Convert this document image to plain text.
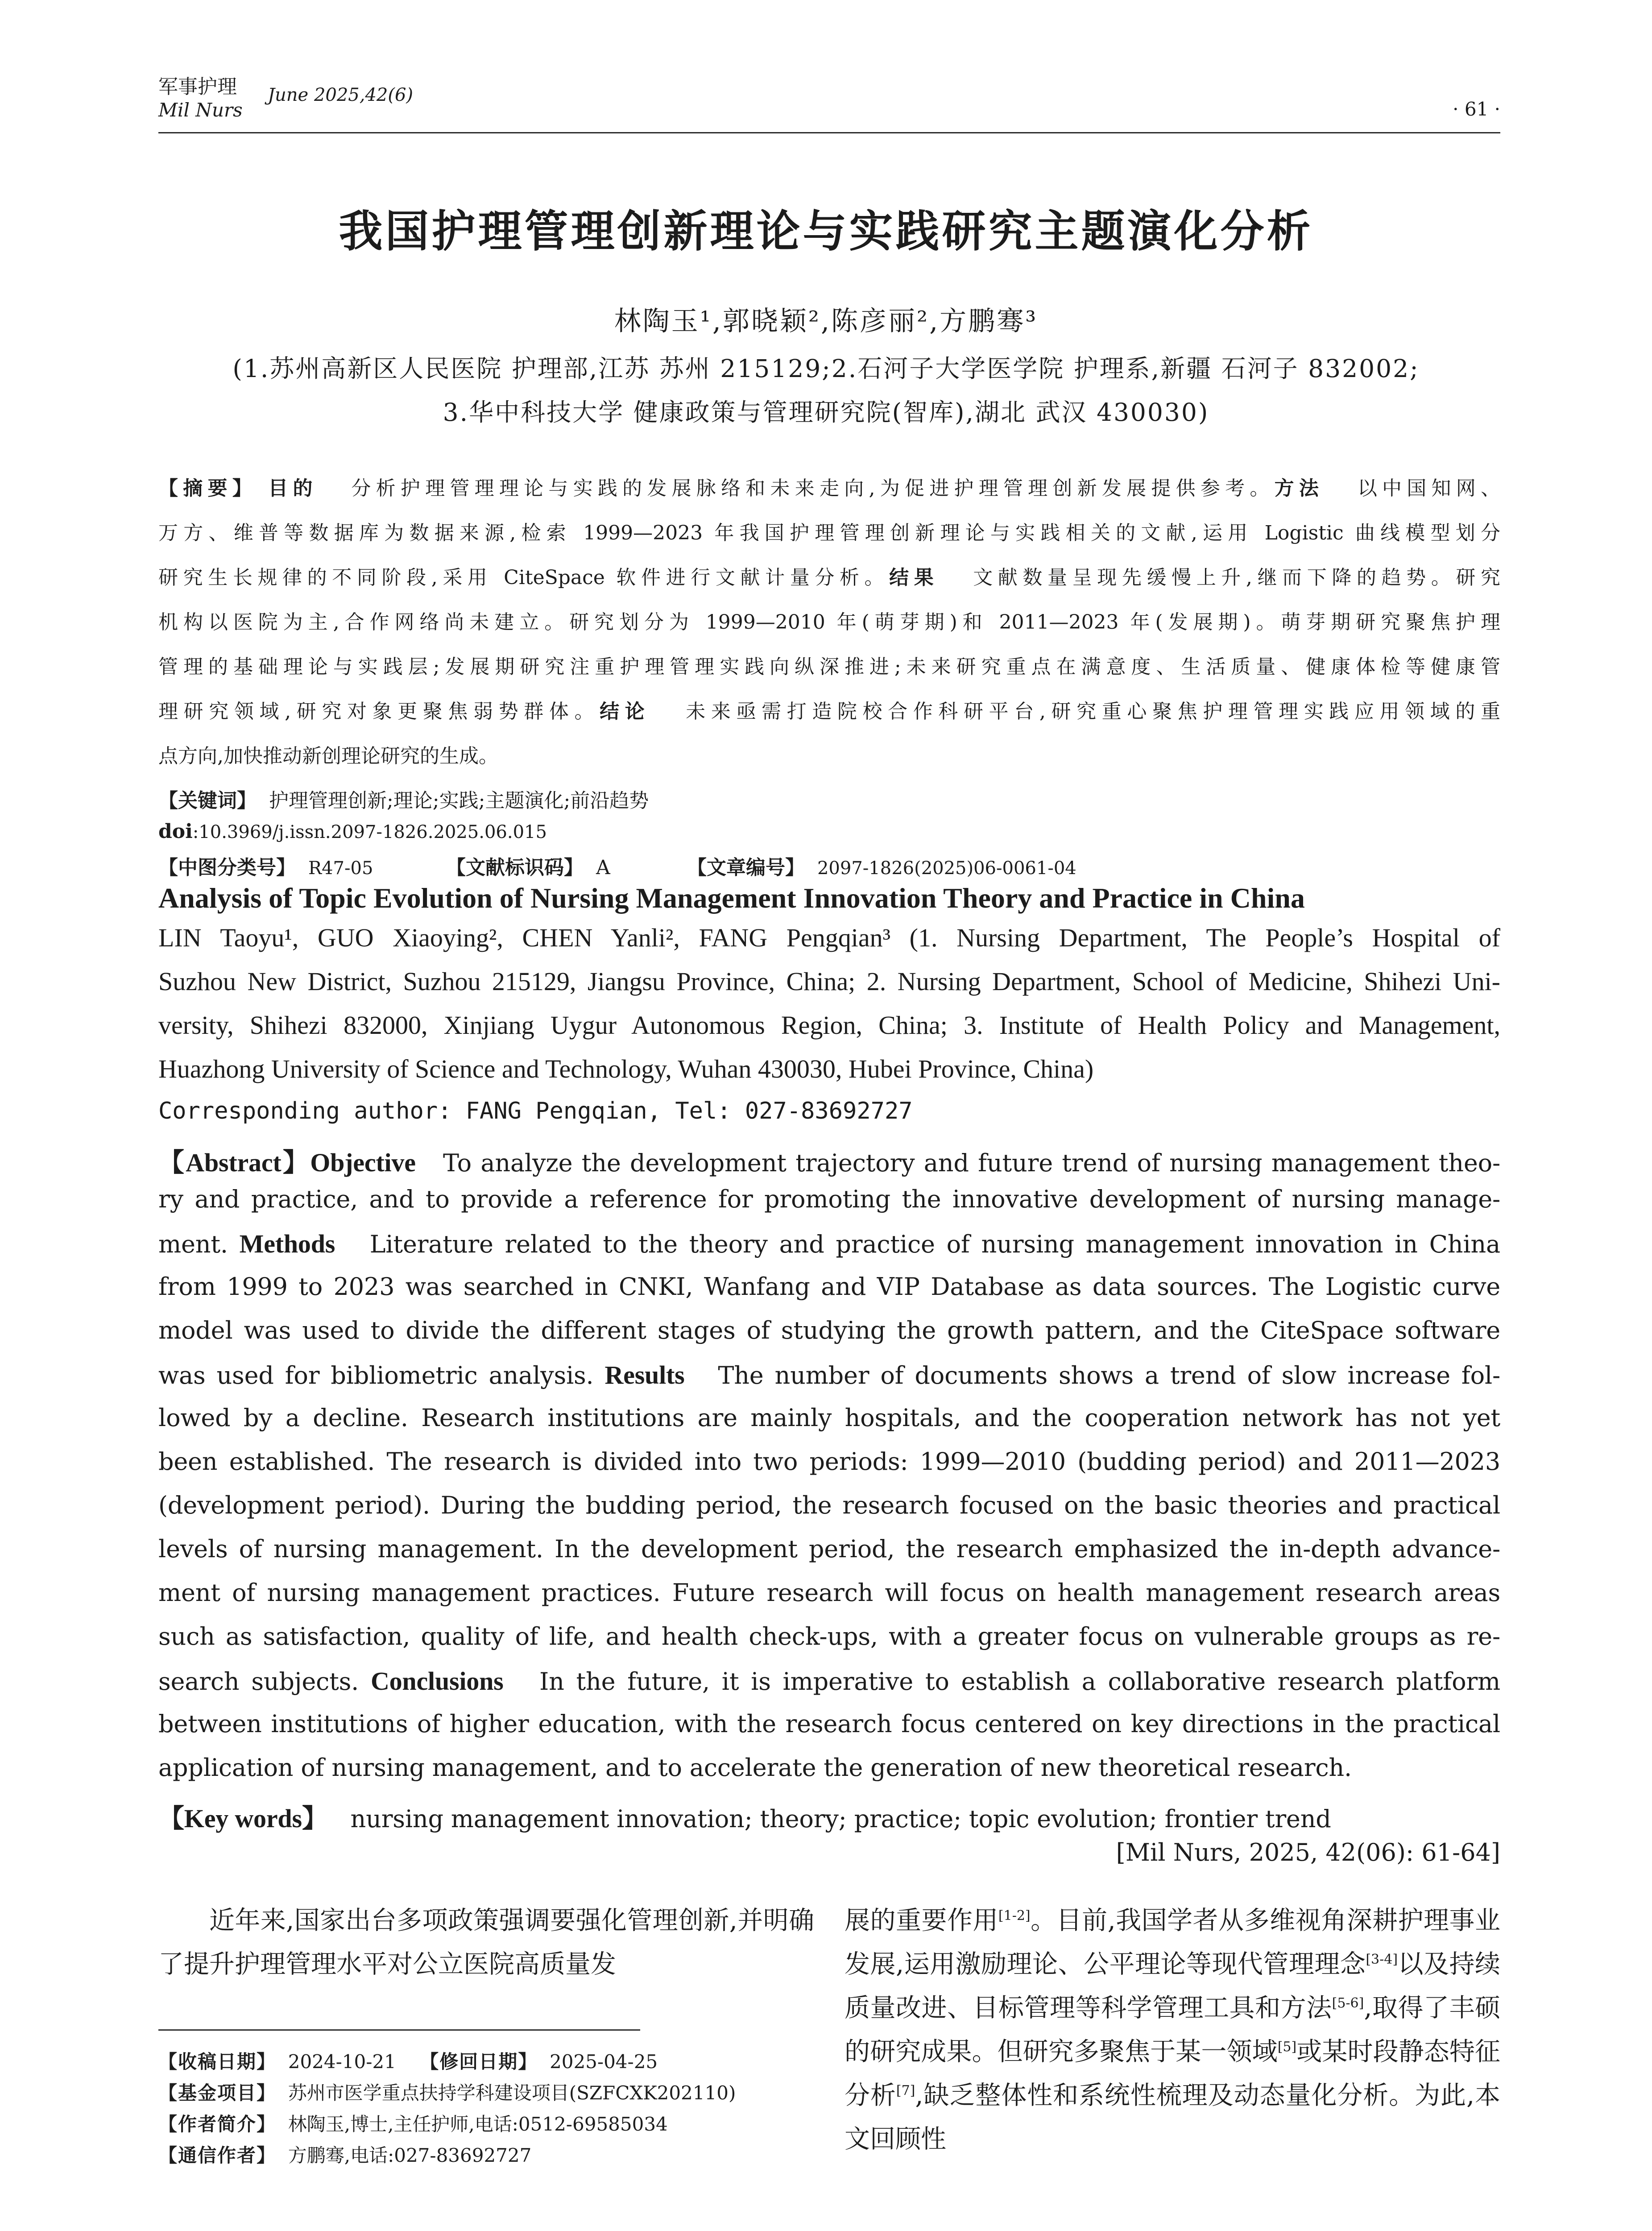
军事护理
Mil Nurs
June 2025,42(6)
· 61 ·
我国护理管理创新理论与实践研究主题演化分析
林陶玉¹,郭晓颖²,陈彦丽²,方鹏骞³
(1.苏州高新区人民医院 护理部,江苏 苏州 215129;2.石河子大学医学院 护理系,新疆 石河子 832002;
3.华中科技大学 健康政策与管理研究院(智库),湖北 武汉 430030)
【摘要】 目的 分析护理管理理论与实践的发展脉络和未来走向,为促进护理管理创新发展提供参考。方法 以中国知网、
万方、维普等数据库为数据来源,检索 1999—2023 年我国护理管理创新理论与实践相关的文献,运用 Logistic 曲线模型划分
研究生长规律的不同阶段,采用 CiteSpace 软件进行文献计量分析。结果 文献数量呈现先缓慢上升,继而下降的趋势。研究
机构以医院为主,合作网络尚未建立。研究划分为 1999—2010 年(萌芽期)和 2011—2023 年(发展期)。萌芽期研究聚焦护理
管理的基础理论与实践层;发展期研究注重护理管理实践向纵深推进;未来研究重点在满意度、生活质量、健康体检等健康管
理研究领域,研究对象更聚焦弱势群体。结论 未来亟需打造院校合作科研平台,研究重心聚焦护理管理实践应用领域的重
点方向,加快推动新创理论研究的生成。
【关键词】 护理管理创新;理论;实践;主题演化;前沿趋势
doi:10.3969/j.issn.2097-1826.2025.06.015
【中图分类号】 R47-05	【文献标识码】 A	【文章编号】 2097-1826(2025)06-0061-04
Analysis of Topic Evolution of Nursing Management Innovation Theory and Practice in China
LIN Taoyu¹, GUO Xiaoying², CHEN Yanli², FANG Pengqian³ (1. Nursing Department, The People’s Hospital of
Suzhou New District, Suzhou 215129, Jiangsu Province, China; 2. Nursing Department, School of Medicine, Shihezi Uni-
versity, Shihezi 832000, Xinjiang Uygur Autonomous Region, China; 3. Institute of Health Policy and Management,
Huazhong University of Science and Technology, Wuhan 430030, Hubei Province, China)
Corresponding author: FANG Pengqian, Tel: 027-83692727
【Abstract】Objective To analyze the development trajectory and future trend of nursing management theo-
ry and practice, and to provide a reference for promoting the innovative development of nursing manage-
ment. Methods Literature related to the theory and practice of nursing management innovation in China
from 1999 to 2023 was searched in CNKI, Wanfang and VIP Database as data sources. The Logistic curve
model was used to divide the different stages of studying the growth pattern, and the CiteSpace software
was used for bibliometric analysis. Results The number of documents shows a trend of slow increase fol-
lowed by a decline. Research institutions are mainly hospitals, and the cooperation network has not yet
been established. The research is divided into two periods: 1999—2010 (budding period) and 2011—2023
(development period). During the budding period, the research focused on the basic theories and practical
levels of nursing management. In the development period, the research emphasized the in-depth advance-
ment of nursing management practices. Future research will focus on health management research areas
such as satisfaction, quality of life, and health check-ups, with a greater focus on vulnerable groups as re-
search subjects. Conclusions In the future, it is imperative to establish a collaborative research platform
between institutions of higher education, with the research focus centered on key directions in the practical
application of nursing management, and to accelerate the generation of new theoretical research.
【Key words】 nursing management innovation; theory; practice; topic evolution; frontier trend
[Mil Nurs, 2025, 42(06): 61-64]
近年来,国家出台多项政策强调要强化管理创新,并明确了提升护理管理水平对公立医院高质量发
展的重要作用[1-2]。目前,我国学者从多维视角深耕护理事业发展,运用激励理论、公平理论等现代管理理念[3-4]以及持续质量改进、目标管理等科学管理工具和方法[5-6],取得了丰硕的研究成果。但研究多聚焦于某一领域[5]或某时段静态特征分析[7],缺乏整体性和系统性梳理及动态量化分析。为此,本文回顾性
【收稿日期】 2024-10-21 【修回日期】 2025-04-25
【基金项目】 苏州市医学重点扶持学科建设项目(SZFCXK202110)
【作者简介】 林陶玉,博士,主任护师,电话:0512-69585034
【通信作者】 方鹏骞,电话:027-83692727
